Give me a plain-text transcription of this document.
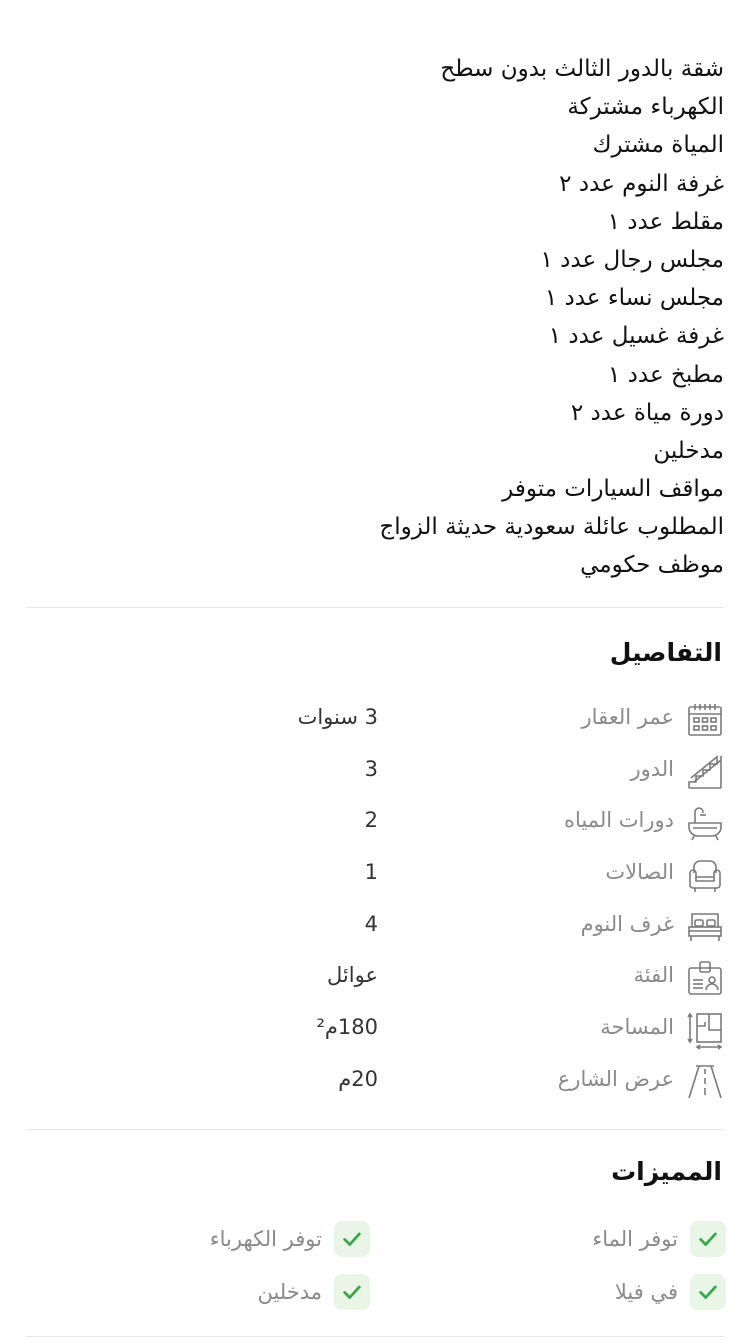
شقة بالدور الثالث بدون سطح
الكهرباء مشتركة
المياة مشترك
غرفة النوم عدد ٢
مقلط عدد ١
مجلس رجال عدد ١
مجلس نساء عدد ١
غرفة غسيل عدد ١
مطبخ عدد ١
دورة مياة عدد ٢
مدخلين
مواقف السيارات متوفر
المطلوب عائلة سعودية حديثة الزواج
موظف حكومي
التفاصيل
عمر العقار
3 سنوات
الدور
3
دورات المياه
2
الصالات
1
غرف النوم
4
الفئة
عوائل
المساحة
180م²
عرض الشارع
20م
المميزات
توفر الماء
توفر الكهرباء
في فيلا
مدخلين
